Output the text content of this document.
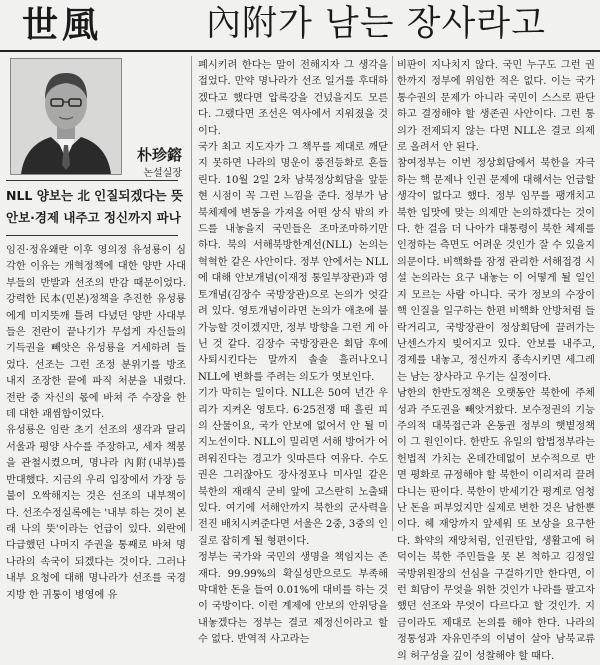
世風	內附가 남는 장사라고
朴珍鎔
논설실장
NLL 양보는 北 인질되겠다는 뜻
안보·경제 내주고 정신까지 파나

임진·정유왜란 이후 영의정 유성룡이 심각한 이유는 개혁정책에 대한 양반 사대부들의 반발과 선조의 반감 때문이었다. 강력한 民本(민본)정책을 추진한 유성룡에게 미지뜻깨 틀려 다녔던 양반 사대부들은 전란이 끝나기가 무섭게 자신들의 기득권을 빼앗은 유성룡을 거세하려 들었다. 선조는 그런 조정 분위기를 방조 내지 조장한 끝에 파직 처분을 내렸다. 전란 중 자신의 몫에 바쳐 주 수장을 한 데 대한 괘씸함이었다.

유성룡은 임란 초기 선조의 생각과 달리 서울과 평양 사수를 주장하고, 세자 책봉을 관철시켰으며, 명나라 內附(내부)를 반대했다. 지금의 우리 입장에서 가장 등불이 오싹해지는 것은 선조의 내부책이다. 선조수정실록에는 '내부 하는 것이 본래 나의 뜻'이라는 언급이 있다. 외란에 다급했던 나머지 주권을 통째로 바쳐 명나라의 속국이 되겠다는 것이다. 그러나 내부 요청에 대해 명나라가 선조를 국경지방 한 귀퉁이 병영에 유

폐시키려 한다는 말이 전해지자 그 생각을 접었다. 만약 명나라가 선조 일거를 후대하겠다고 했다면 압록강을 건넜을지도 모른다. 그랬다면 조선은 역사에서 지워졌을 것이다.

국가 최고 지도자가 그 책무를 제대로 깨닫지 못하면 나라의 명운이 풍전등화로 흔들린다. 10월 2일 2차 남북정상회담을 앞둔 현 시점이 꼭 그런 느낌을 준다. 정부가 남북체제에 변동을 가져올 어떤 상식 밖의 카드를 내놓을지 국민들은 조마조마하기만 하다. 북의 서해북방한계선(NLL) 논의는 혁혁한 같은 사안이다. 정부 안에서는 NLL에 대해 안보개념(이재정 통일부장관)과 영토개념(김장수 국방장관)으로 논의가 엇갈려 있다. 영토개념이라면 논의가 애초에 불가능할 것이겠지만, 정부 방향을 그런 게 아닌 것 같다. 김장수 국방장관은 회담 후에 사퇴시킨다는 말까지 솔솔 흘러나오니 NLL에 변화를 주려는 의도가 엿보인다.

기가 막히는 일이다. NLL은 50여 년간 우리가 지켜온 영토다. 6·25전쟁 때 흘린 피의 산물이요, 국가 안보에 없어서 안 될 미지노선이다. NLL이 밀리면 서해 방어가 어려워진다는 경고가 잇따른다 여유다. 수도권은 그러잖아도 장사정포나 미사일 같은 북한의 재래식 군비 앞에 고스란히 노출돼 있다. 여기에 서해안까지 북한의 군사력을 전진 배치시켜준다면 서울은 2중, 3중의 인질로 잡히게 될 형편이다.

정부는 국가와 국민의 생명을 책임지는 존재다. 99.99%의 확실성만으로도 부족해 막대한 돈을 들여 0.01%에 대비를 하는 것이 국방이다. 이런 계제에 안보의 안위당을 내놓겠다는 정부는 결코 제정신이라고 할 수 없다. 반역적 사고라는

비판이 지나치지 않다. 국민 누구도 그런 권한까지 정부에 위임한 적은 없다. 이는 국가 통수권의 문제가 아니라 국민이 스스로 판단하고 결정해야 할 생존권 사안이다. 그런 통의가 전제되지 않는 다면 NLL은 결코 의제로 올려서 안 된다.

참여정부는 이번 정상회담에서 북한을 자극하는 핵 문제나 인권 문제에 대해서는 언급할 생각이 없다고 했다. 정부 임무를 팽개치고 북한 입맛에 맞는 의제만 논의하겠다는 것이다. 한 걸음 더 나아가 대통령이 북한 체제를 인정하는 측면도 어려운 것인가 잘 수 있을지 의문이다. 비핵화를 잠정 관리한 서해접경 시설 논의라는 요구 내놓는 이 어떻게 될 일인지 모르는 사람 아니다. 국가 정보의 수장이 핵 인질을 일구하는 한편 비핵화 안방처럼 들락거리고, 국방장관이 정상회담에 끌려가는 난센스가지 빚어지고 있다. 안보를 내주고, 경제를 내놓고, 정신까지 종속시키면 세그레는 남는 장사라고 우기는 실정이다.

남한의 한반도정책은 오랫동안 북한에 주체성과 주도권을 빼앗겨왔다. 보수정권의 기능주의적 대북접근과 온동권 정부의 햇볕정책이 그 원인이다. 한반도 유일의 합법정부라는 헌법적 가치는 온데간데없이 보수적으로 반면 평화로 규정해야 할 북한이 이리저리 끌려다니는 판이다. 북한이 반세기간 평계로 엄청난 돈을 퍼부었지만 실제로 변한 것은 남한뿐이다. 헤 재앙까지 앞세워 또 보상을 요구한다. 화약의 재앙처럼, 인권탄압, 생활고에 허덕이는 북한 주민들을 못 본 척하고 김정일 국방위원장의 선심을 구걸하기만 한다면, 이런 회담이 무엇을 위한 것인가 나라를 팔고자 했던 선조와 무엇이 다르다고 할 것인가. 지금이라도 제대로 논의를 해야 한다. 나라의 정통성과 자유민주의 이념이 살아 남북교류의 허구성을 깊이 성찰해야 할 때다.
